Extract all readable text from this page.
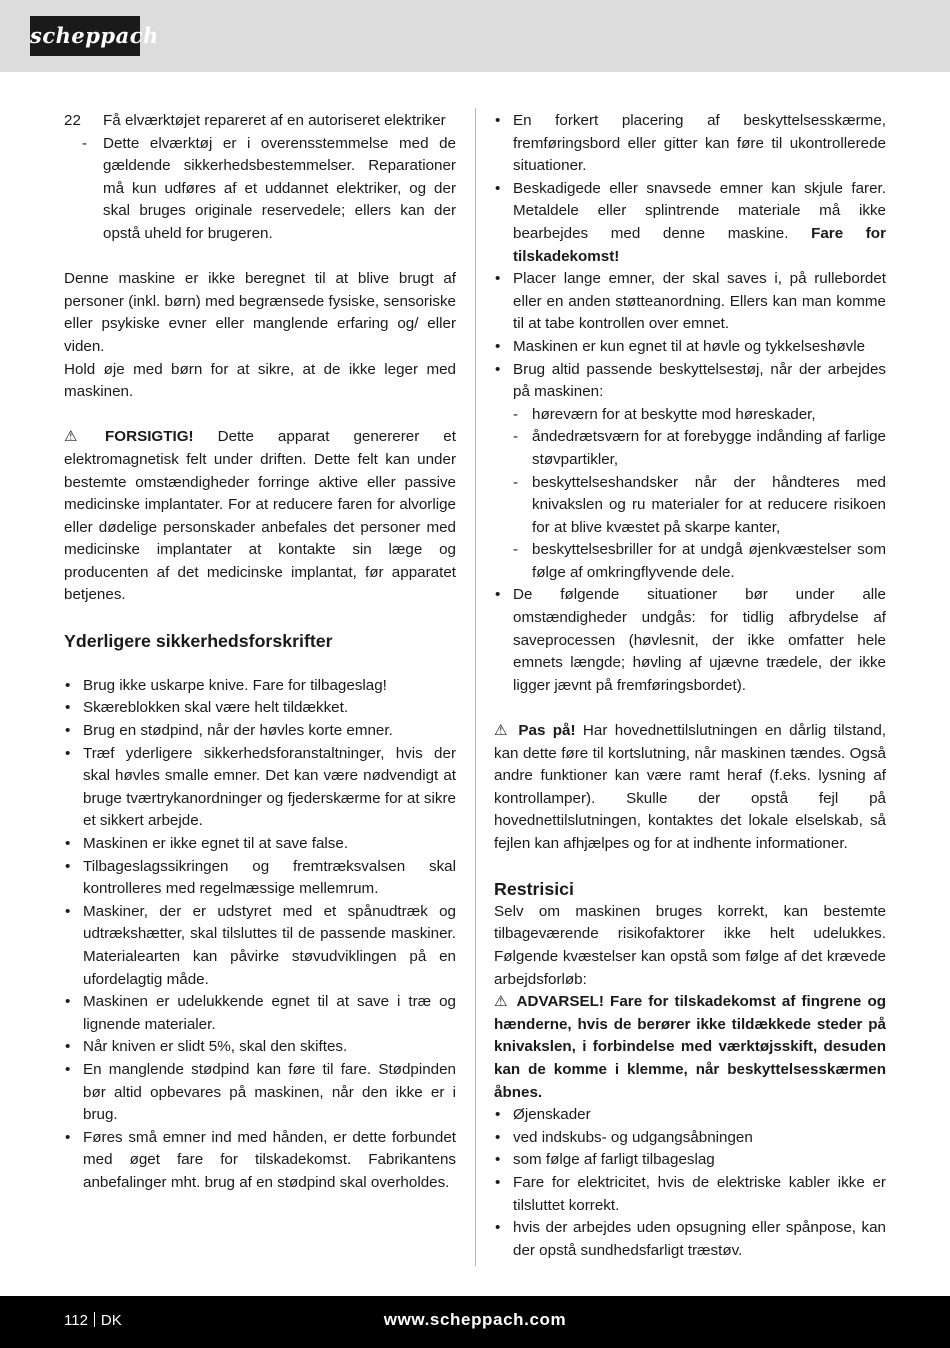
scheppach
22	Få elværktøjet repareret af en autoriseret elektriker
-	Dette elværktøj er i overensstemmelse med de gældende sikkerhedsbestemmelser. Reparationer må kun udføres af et uddannet elektriker, og der skal bruges originale reservedele; ellers kan der opstå uheld for brugeren.

Denne maskine er ikke beregnet til at blive brugt af personer (inkl. børn) med begrænsede fysiske, sensoriske eller psykiske evner eller manglende erfaring og/ eller viden.

Hold øje med børn for at sikre, at de ikke leger med maskinen.

⚠ FORSIGTIG! Dette apparat genererer et elektromagnetisk felt under driften. Dette felt kan under bestemte omstændigheder forringe aktive eller passive medicinske implantater. For at reducere faren for alvorlige eller dødelige personskader anbefales det personer med medicinske implantater at kontakte sin læge og producenten af det medicinske implantat, før apparatet betjenes.

Yderligere sikkerhedsforskrifter
• Brug ikke uskarpe knive. Fare for tilbageslag!
• Skæreblokken skal være helt tildækket.
• Brug en stødpind, når der høvles korte emner.
• Træf yderligere sikkerhedsforanstaltninger, hvis der skal høvles smalle emner. Det kan være nødvendigt at bruge tværtrykanordninger og fjederskærme for at sikre et sikkert arbejde.
• Maskinen er ikke egnet til at save false.
• Tilbageslagssikringen og fremtræksvalsen skal kontrolleres med regelmæssige mellemrum.
• Maskiner, der er udstyret med et spånudtræk og udtrækshætter, skal tilsluttes til de passende maskiner. Materialearten kan påvirke støvudviklingen på en ufordelagtig måde.
• Maskinen er udelukkende egnet til at save i træ og lignende materialer.
• Når kniven er slidt 5%, skal den skiftes.
• En manglende stødpind kan føre til fare. Stødpinden bør altid opbevares på maskinen, når den ikke er i brug.
• Føres små emner ind med hånden, er dette forbundet med øget fare for tilskadekomst. Fabrikantens anbefalinger mht. brug af en stødpind skal overholdes.
• En forkert placering af beskyttelsesskærme, fremføringsbord eller gitter kan føre til ukontrollerede situationer.
• Beskadigede eller snavsede emner kan skjule farer. Metaldele eller splintrende materiale må ikke bearbejdes med denne maskine. Fare for tilskadekomst!
• Placer lange emner, der skal saves i, på rullebordet eller en anden støtteanordning. Ellers kan man komme til at tabe kontrollen over emnet.
• Maskinen er kun egnet til at høvle og tykkelseshøvle
• Brug altid passende beskyttelsestøj, når der arbejdes på maskinen:
- høreværn for at beskytte mod høreskader,
- åndedrætsværn for at forebygge indånding af farlige støvpartikler,
- beskyttelseshandsker når der håndteres med knivakslen og ru materialer for at reducere risikoen for at blive kvæstet på skarpe kanter,
- beskyttelsesbriller for at undgå øjenkvæstelser som følge af omkringflyvende dele.
• De følgende situationer bør under alle omstændigheder undgås: for tidlig afbrydelse af saveprocessen (høvlesnit, der ikke omfatter hele emnets længde; høvling af ujævne trædele, der ikke ligger jævnt på fremføringsbordet).

⚠ Pas på! Har hovednettilslutningen en dårlig tilstand, kan dette føre til kortslutning, når maskinen tændes. Også andre funktioner kan være ramt heraf (f.eks. lysning af kontrollamper). Skulle der opstå fejl på hovednettilslutningen, kontaktes det lokale elselskab, så fejlen kan afhjælpes og for at indhente informationer.

Restrisici

Selv om maskinen bruges korrekt, kan bestemte tilbageværende risikofaktorer ikke helt udelukkes. Følgende kvæstelser kan opstå som følge af det krævede arbejdsforløb:

⚠ ADVARSEL! Fare for tilskadekomst af fingrene og hænderne, hvis de berører ikke tildækkede steder på knivakslen, i forbindelse med værktøjsskift, desuden kan de komme i klemme, når beskyttelsesskærmen åbnes.

• Øjenskader
• ved indskubs- og udgangsåbningen
• som følge af farligt tilbageslag
• Fare for elektricitet, hvis de elektriske kabler ikke er tilsluttet korrekt.
• hvis der arbejdes uden opsugning eller spånpose, kan der opstå sundhedsfarligt træstøv.
112 DK	www.scheppach.com
